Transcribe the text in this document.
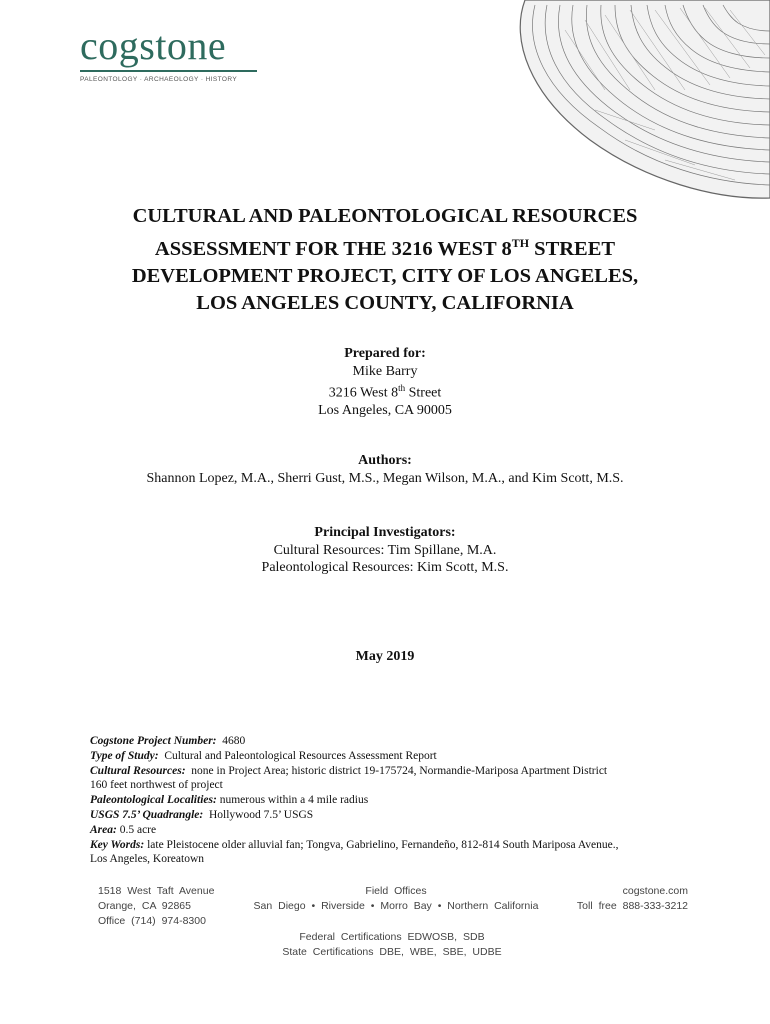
cogstone
PALEONTOLOGY · ARCHAEOLOGY · HISTORY
CULTURAL AND PALEONTOLOGICAL RESOURCES
ASSESSMENT FOR THE 3216 WEST 8TH STREET
DEVELOPMENT PROJECT, CITY OF LOS ANGELES,
LOS ANGELES COUNTY, CALIFORNIA
Prepared for:
Mike Barry
3216 West 8th Street
Los Angeles, CA 90005
Authors:
Shannon Lopez, M.A., Sherri Gust, M.S., Megan Wilson, M.A., and Kim Scott, M.S.
Principal Investigators:
Cultural Resources: Tim Spillane, M.A.
Paleontological Resources: Kim Scott, M.S.
May 2019
Cogstone Project Number: 4680
Type of Study: Cultural and Paleontological Resources Assessment Report
Cultural Resources: none in Project Area; historic district 19-175724, Normandie-Mariposa Apartment District
160 feet northwest of project
Paleontological Localities: numerous within a 4 mile radius
USGS 7.5’ Quadrangle: Hollywood 7.5’ USGS
Area: 0.5 acre
Key Words: late Pleistocene older alluvial fan; Tongva, Gabrielino, Fernandeño, 812-814 South Mariposa Avenue.,
Los Angeles, Koreatown
1518 West Taft Avenue
Orange, CA 92865
Office (714) 974-8300
Field Offices
San Diego • Riverside • Morro Bay • Northern California
cogstone.com
Toll free 888-333-3212
Federal Certifications EDWOSB, SDB
State Certifications DBE, WBE, SBE, UDBE
